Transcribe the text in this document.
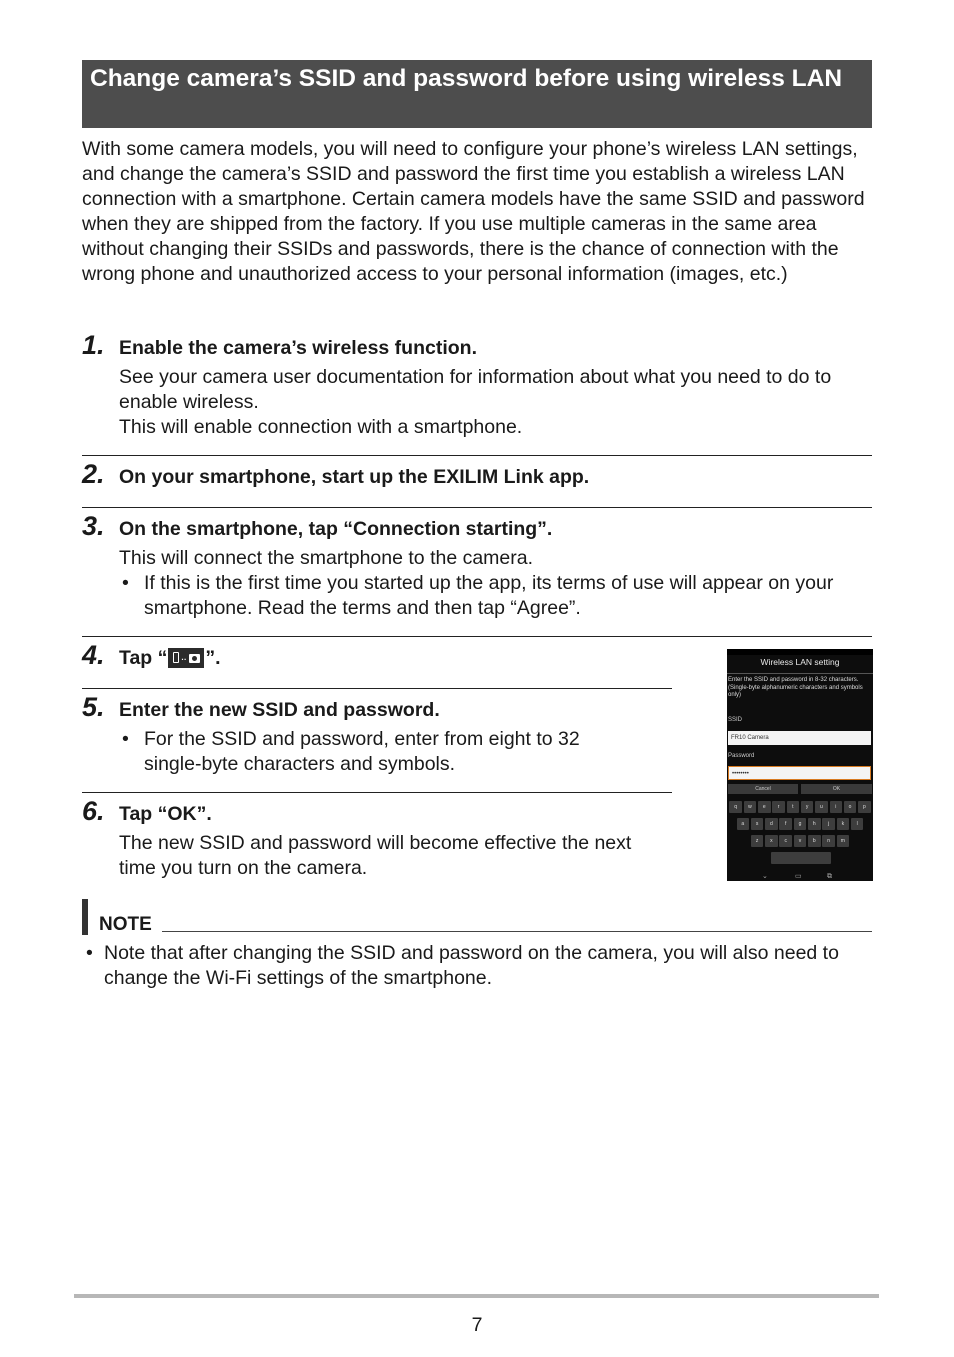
Change camera’s SSID and password before using wireless LAN

With some camera models, you will need to configure your phone’s wireless LAN settings, and change the camera’s SSID and password the first time you establish a wireless LAN connection with a smartphone. Certain camera models have the same SSID and password when they are shipped from the factory. If you use multiple cameras in the same area without changing their SSIDs and passwords, there is the chance of connection with the wrong phone and unauthorized access to your personal information (images, etc.)

1. Enable the camera’s wireless function.

See your camera user documentation for information about what you need to do to enable wireless.
This will enable connection with a smartphone.

2. On your smartphone, start up the EXILIM Link app.
3. On the smartphone, tap “Connection starting”.

This will connect the smartphone to the camera.

• If this is the first time you started up the app, its terms of use will appear on your smartphone. Read the terms and then tap “Agree”.

4. Tap “ ·· ”.
5. Enter the new SSID and password.
• For the SSID and password, enter from eight to 32 single-byte characters and symbols.

6. Tap “OK”.

The new SSID and password will become effective the next time you turn on the camera.

Wireless LAN setting

Enter the SSID and password in 8-32 characters. (Single-byte alphanumeric characters and symbols only)

SSID
FR10 Camera
Password
••••••••
Cancel	OK
q	w	e	r	t	y	u	i	o	p
a	s	d	f	g	h	j	k	l
z	x	c	v	b	n	m
⌄	▭	⧉
NOTE
• Note that after changing the SSID and password on the camera, you will also need to change the Wi-Fi settings of the smartphone.

7
